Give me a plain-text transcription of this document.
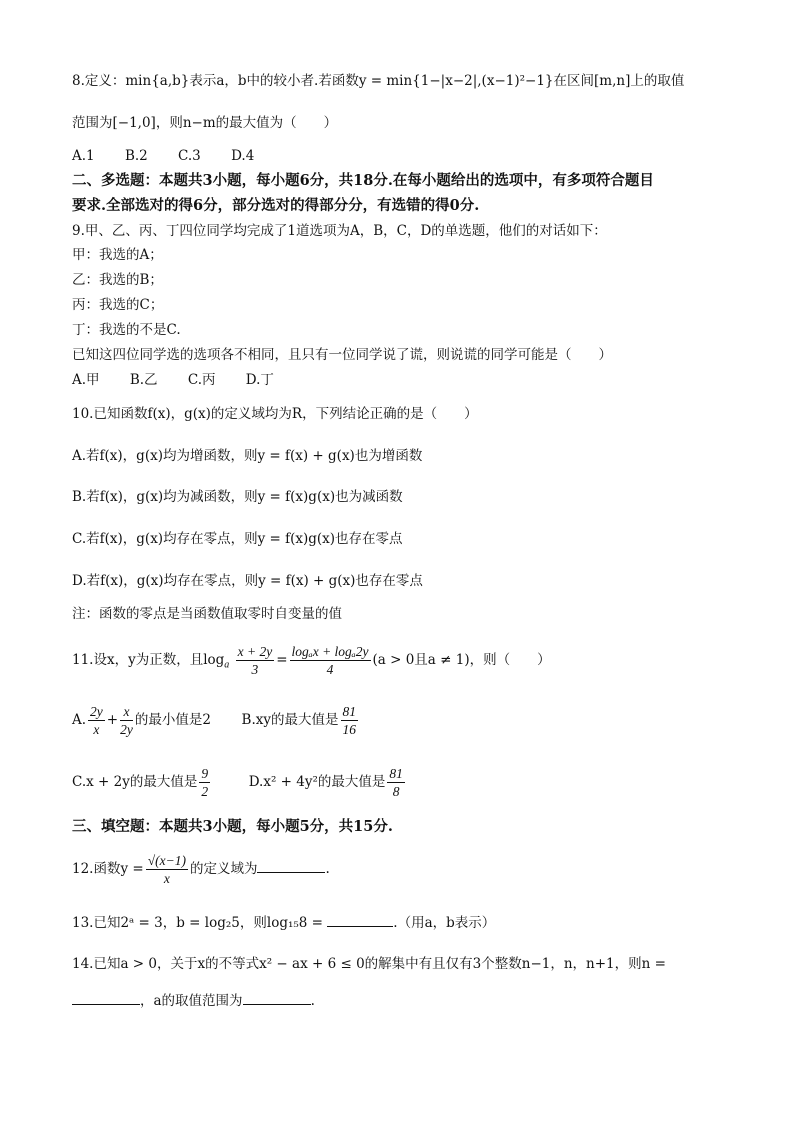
8.定义：min{a,b}表示a，b中的较小者.若函数y = min{1−|x−2|,(x−1)²−1}在区间[m,n]上的取值
范围为[−1,0]，则n−m的最大值为（　　）
A.1 B.2 C.3 D.4
二、多选题：本题共3小题，每小题6分，共18分.在每小题给出的选项中，有多项符合题目
要求.全部选对的得6分，部分选对的得部分分，有选错的得0分.
9.甲、乙、丙、丁四位同学均完成了1道选项为A，B，C，D的单选题，他们的对话如下：
甲：我选的A；
乙：我选的B；
丙：我选的C；
丁：我选的不是C.
已知这四位同学选的选项各不相同，且只有一位同学说了谎，则说谎的同学可能是（　　）
A.甲 B.乙 C.丙 D.丁
10.已知函数f(x)，g(x)的定义域均为R，下列结论正确的是（　　）
A.若f(x)，g(x)均为增函数，则y = f(x) + g(x)也为增函数
B.若f(x)，g(x)均为减函数，则y = f(x)g(x)也为减函数
C.若f(x)，g(x)均存在零点，则y = f(x)g(x)也存在零点
D.若f(x)，g(x)均存在零点，则y = f(x) + g(x)也存在零点
注：函数的零点是当函数值取零时自变量的值
11.设x，y为正数，且$\log_a \frac{x + 2y}{3} = \frac{\text{logₐx + logₐ2y}}{4} (a > 0$且a ≠ 1)，则（　　）
A. $\frac{2y}{x} + \frac{x}{2y}$ 的最小值是2 B.xy的最大值是 $\frac{81}{16}$
C.x + 2y的最大值是 $\frac{9}{2}$	D.x² + 4y²的最大值是 $\frac{81}{8}$
三、填空题：本题共3小题，每小题5分，共15分.
12.函数$y = \frac{√(x-1)}{x}$ 的定义域为	.
13.已知2ᵃ = 3，b = log₂5，则log₁₅8 =	.（用a，b表示）
14.已知a > 0，关于x的不等式x² − ax + 6 ≤ 0的解集中有且仅有3个整数n−1，n，n+1，则n =
，a的取值范围为	.
